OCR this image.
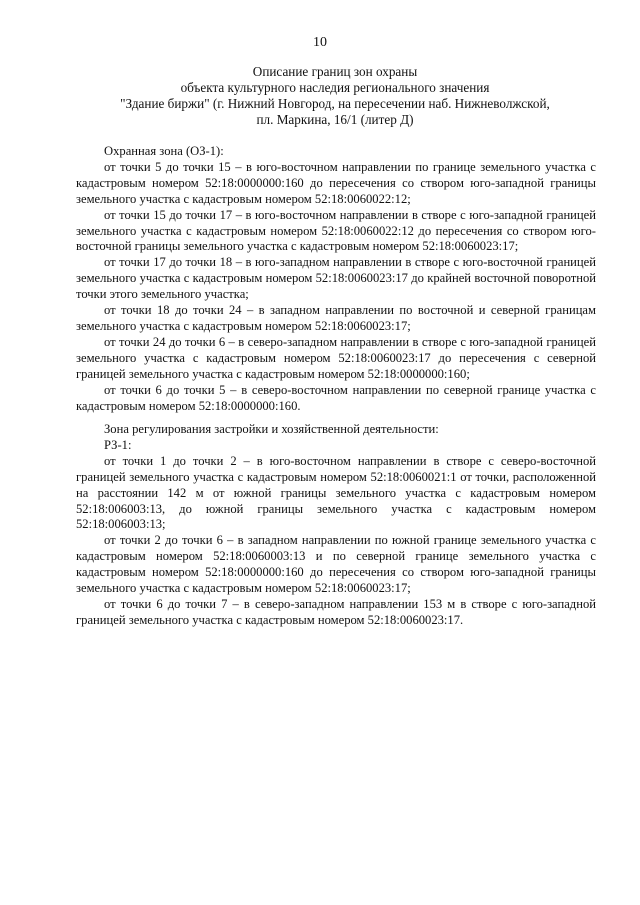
10
Описание границ зон охраны
объекта культурного наследия регионального значения
"Здание биржи" (г. Нижний Новгород, на пересечении наб. Нижневолжской,
пл. Маркина, 16/1 (литер Д)

Охранная зона (ОЗ-1):

от точки 5 до точки 15 – в юго-восточном направлении по границе земельного участка с кадастровым номером 52:18:0000000:160 до пересечения со створом юго-западной границы земельного участка с кадастровым номером 52:18:0060022:12;

от точки 15 до точки 17 – в юго-восточном направлении в створе с юго-западной границей земельного участка с кадастровым номером 52:18:0060022:12 до пересечения со створом юго-восточной границы земельного участка с кадастровым номером 52:18:0060023:17;

от точки 17 до точки 18 – в юго-западном направлении в створе с юго-восточной границей земельного участка с кадастровым номером 52:18:0060023:17 до крайней восточной поворотной точки этого земельного участка;

от точки 18 до точки 24 – в западном направлении по восточной и северной границам земельного участка с кадастровым номером 52:18:0060023:17;

от точки 24 до точки 6 – в северо-западном направлении в створе с юго-западной границей земельного участка с кадастровым номером 52:18:0060023:17 до пересечения с северной границей земельного участка с кадастровым номером 52:18:0000000:160;

от точки 6 до точки 5 – в северо-восточном направлении по северной границе участка с кадастровым номером 52:18:0000000:160.

Зона регулирования застройки и хозяйственной деятельности:

РЗ-1:

от точки 1 до точки 2 – в юго-восточном направлении в створе с северо-восточной границей земельного участка с кадастровым номером 52:18:0060021:1 от точки, расположенной на расстоянии 142 м от южной границы земельного участка с кадастровым номером 52:18:006003:13, до южной границы земельного участка с кадастровым номером 52:18:006003:13;

от точки 2 до точки 6 – в западном направлении по южной границе земельного участка с кадастровым номером 52:18:0060003:13 и по северной границе земельного участка с кадастровым номером 52:18:0000000:160 до пересечения со створом юго-западной границы земельного участка с кадастровым номером 52:18:0060023:17;

от точки 6 до точки 7 – в северо-западном направлении 153 м в створе с юго-западной границей земельного участка с кадастровым номером 52:18:0060023:17.
